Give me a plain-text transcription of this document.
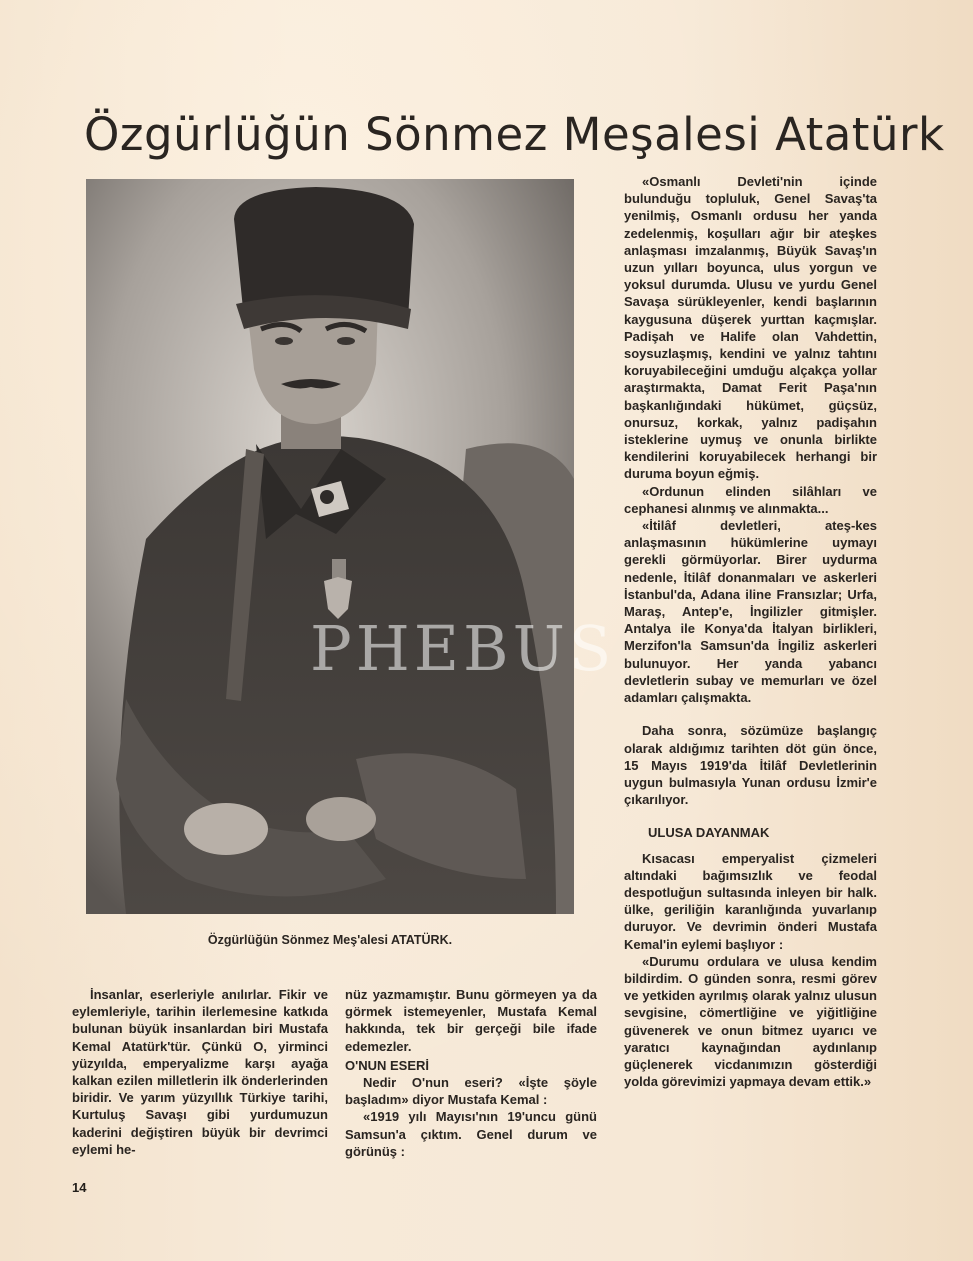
Özgürlüğün Sönmez Meşalesi Atatürk
PHEBUS
Özgürlüğün Sönmez Meş'alesi ATATÜRK.

İnsanlar, eserleriyle anılırlar. Fikir ve eylemleriyle, tarihin ilerlemesine katkıda bulunan büyük insanlardan biri Mustafa Kemal Atatürk'tür. Çünkü O, yirminci yüzyılda, emperyalizme karşı ayağa kalkan ezilen milletlerin ilk önderlerinden biridir. Ve yarım yüzyıllık Türkiye tarihi, Kurtuluş Savaşı gibi yurdumuzun kaderini değiştiren büyük bir devrimci eylemi he-

nüz yazmamıştır. Bunu görmeyen ya da görmek istemeyenler, Mustafa Kemal hakkında, tek bir gerçeği bile ifade edemezler.

O'NUN ESERİ

Nedir O'nun eseri? «İşte şöyle başladım» diyor Mustafa Kemal :

«1919 yılı Mayısı'nın 19'uncu günü Samsun'a çıktım. Genel durum ve görünüş :

«Osmanlı Devleti'nin içinde bulunduğu topluluk, Genel Savaş'ta yenilmiş, Osmanlı ordusu her yanda zedelenmiş, koşulları ağır bir ateşkes anlaşması imzalanmış, Büyük Savaş'ın uzun yılları boyunca, ulus yorgun ve yoksul durumda. Ulusu ve yurdu Genel Savaşa sürükleyenler, kendi başlarının kaygusuna düşerek yurttan kaçmışlar. Padişah ve Halife olan Vahdettin, soysuzlaşmış, kendini ve yalnız tahtını koruyabileceğini umduğu alçakça yollar araştırmakta, Damat Ferit Paşa'nın başkanlığındaki hükümet, güçsüz, onursuz, korkak, yalnız padişahın isteklerine uymuş ve onunla birlikte kendilerini koruyabilecek herhangi bir duruma boyun eğmiş.

«Ordunun elinden silâhları ve cephanesi alınmış ve alınmakta...

«İtilâf devletleri, ateş-kes anlaşmasının hükümlerine uymayı gerekli görmüyorlar. Birer uydurma nedenle, İtilâf donanmaları ve askerleri İstanbul'da, Adana iline Fransızlar; Urfa, Maraş, Antep'e, İngilizler gitmişler. Antalya ile Konya'da İtalyan birlikleri, Merzifon'la Samsun'da İngiliz askerleri bulunuyor. Her yanda yabancı devletlerin subay ve memurları ve özel adamları çalışmakta.

Daha sonra, sözümüze başlangıç olarak aldığımız tarihten döt gün önce, 15 Mayıs 1919'da İtilâf Devletlerinin uygun bulmasıyla Yunan ordusu İzmir'e çıkarılıyor.

ULUSA DAYANMAK

Kısacası emperyalist çizmeleri altındaki bağımsızlık ve feodal despotluğun sultasında inleyen bir halk. ülke, geriliğin karanlığında yuvarlanıp duruyor. Ve devrimin önderi Mustafa Kemal'in eylemi başlıyor :

«Durumu ordulara ve ulusa kendim bildirdim. O günden sonra, resmi görev ve yetkiden ayrılmış olarak yalnız ulusun sevgisine, cömertliğine ve yiğitliğine güvenerek ve onun bitmez uyarıcı ve yaratıcı kaynağından aydınlanıp güçlenerek vicdanımızın gösterdiği yolda görevimizi yapmaya devam ettik.»

14
